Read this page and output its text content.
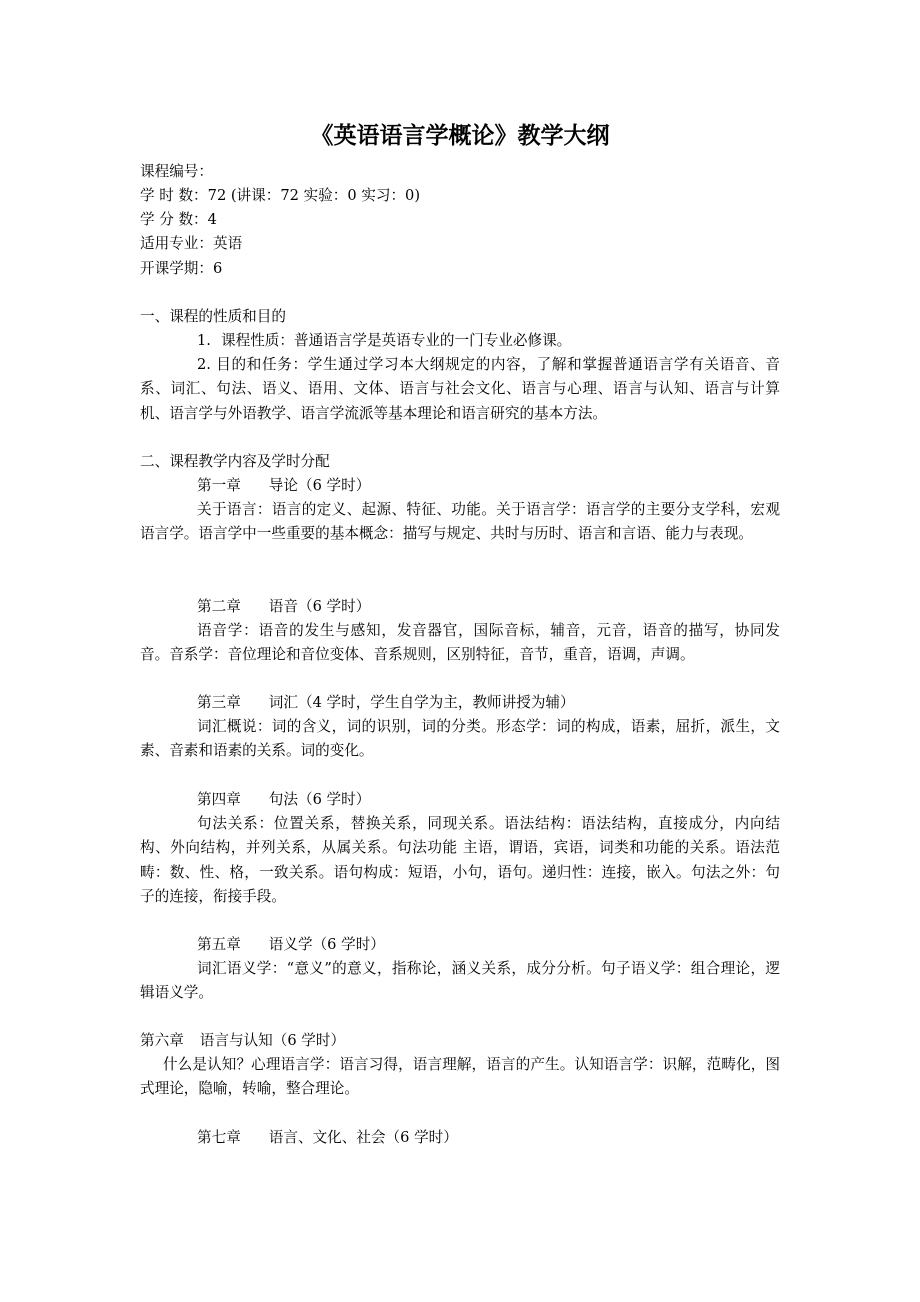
《英语语言学概论》教学大纲
课程编号：
学 时 数：72 (讲课：72 实验：0 实习：0)
学 分 数：4
适用专业：英语
开课学期：6
一、课程的性质和目的
1. 课程性质：普通语言学是英语专业的一门专业必修课。

2. 目的和任务：学生通过学习本大纲规定的内容，了解和掌握普通语言学有关语音、音系、词汇、句法、语义、语用、文体、语言与社会文化、语言与心理、语言与认知、语言与计算机、语言学与外语教学、语言学流派等基本理论和语言研究的基本方法。

二、课程教学内容及学时分配
第一章 导论（6 学时）

关于语言：语言的定义、起源、特征、功能。关于语言学：语言学的主要分支学科，宏观语言学。语言学中一些重要的基本概念：描写与规定、共时与历时、语言和言语、能力与表现。

第二章 语音（6 学时）

语音学：语音的发生与感知，发音器官，国际音标，辅音，元音，语音的描写，协同发音。音系学：音位理论和音位变体、音系规则，区别特征，音节，重音，语调，声调。

第三章 词汇（4 学时，学生自学为主，教师讲授为辅）

词汇概说：词的含义，词的识别，词的分类。形态学：词的构成，语素，屈折，派生，文素、音素和语素的关系。词的变化。

第四章 句法（6 学时）

句法关系：位置关系，替换关系，同现关系。语法结构：语法结构，直接成分，内向结构、外向结构，并列关系，从属关系。句法功能 主语，谓语，宾语，词类和功能的关系。语法范畴：数、性、格，一致关系。语句构成：短语，小句，语句。递归性：连接，嵌入。句法之外：句子的连接，衔接手段。

第五章 语义学（6 学时）

词汇语义学：“意义”的意义，指称论，涵义关系，成分分析。句子语义学：组合理论，逻辑语义学。

第六章 语言与认知（6 学时）

什么是认知？心理语言学：语言习得，语言理解，语言的产生。认知语言学：识解，范畴化，图式理论，隐喻，转喻，整合理论。

第七章 语言、文化、社会（6 学时）
